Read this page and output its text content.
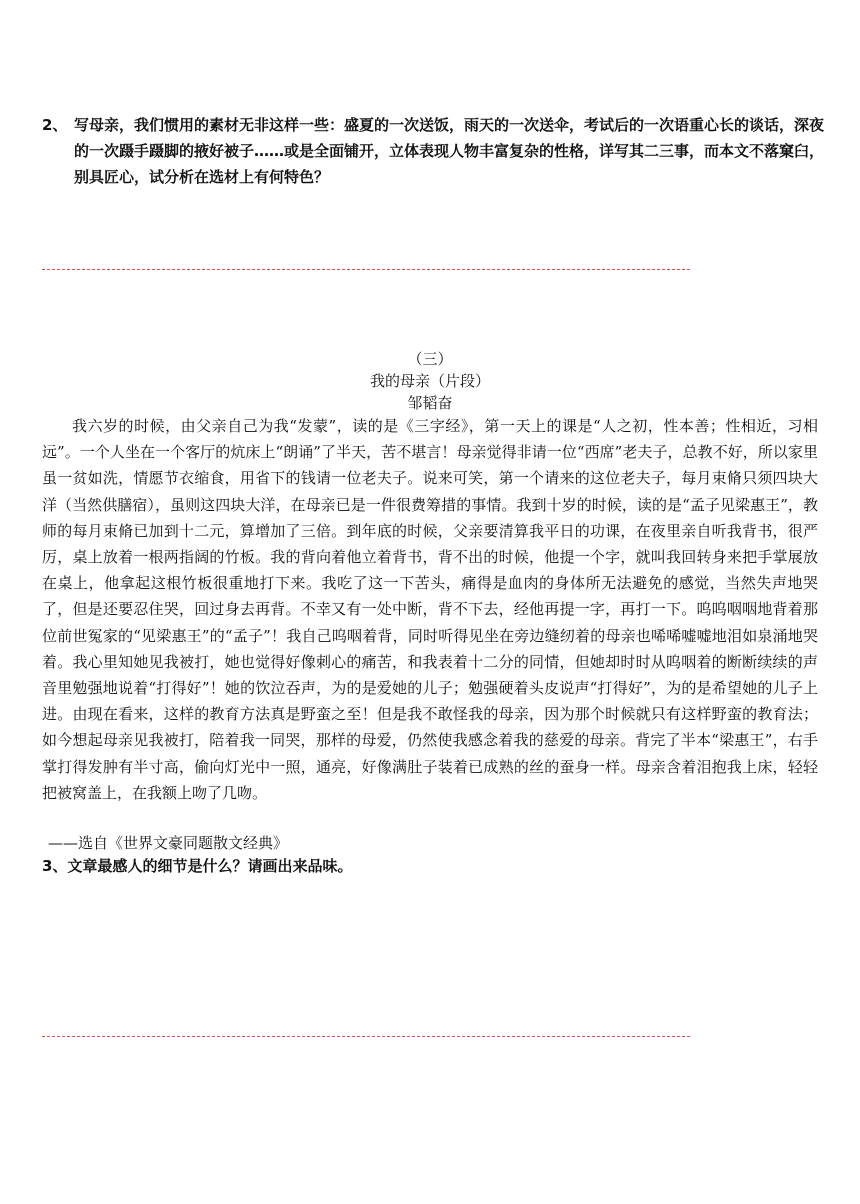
2、 写母亲，我们惯用的素材无非这样一些：盛夏的一次送饭，雨天的一次送伞，考试后的一次语重心长的谈话，深夜的一次蹑手蹑脚的掖好被子……或是全面铺开，立体表现人物丰富复杂的性格，详写其二三事，而本文不落窠臼，别具匠心，试分析在选材上有何特色？
（三）
我的母亲（片段）
邹韬奋
我六岁的时候，由父亲自己为我“发蒙”，读的是《三字经》，第一天上的课是“人之初，性本善；性相近，习相远”。一个人坐在一个客厅的炕床上“朗诵”了半天，苦不堪言！母亲觉得非请一位“西席”老夫子，总教不好，所以家里虽一贫如洗，情愿节衣缩食，用省下的钱请一位老夫子。说来可笑，第一个请来的这位老夫子，每月束脩只须四块大洋（当然供膳宿），虽则这四块大洋，在母亲已是一件很费筹措的事情。我到十岁的时候，读的是“孟子见梁惠王”，教师的每月束脩已加到十二元，算增加了三倍。到年底的时候，父亲要清算我平日的功课，在夜里亲自听我背书，很严厉，桌上放着一根两指阔的竹板。我的背向着他立着背书，背不出的时候，他提一个字，就叫我回转身来把手掌展放在桌上，他拿起这根竹板很重地打下来。我吃了这一下苦头，痛得是血肉的身体所无法避免的感觉，当然失声地哭了，但是还要忍住哭，回过身去再背。不幸又有一处中断，背不下去，经他再提一字，再打一下。呜呜咽咽地背着那位前世冤家的“见梁惠王”的“孟子”！我自己呜咽着背，同时听得见坐在旁边缝纫着的母亲也唏唏嘘嘘地泪如泉涌地哭着。我心里知她见我被打，她也觉得好像刺心的痛苦，和我表着十二分的同情，但她却时时从呜咽着的断断续续的声音里勉强地说着“打得好”！她的饮泣吞声，为的是爱她的儿子；勉强硬着头皮说声“打得好”，为的是希望她的儿子上进。由现在看来，这样的教育方法真是野蛮之至！但是我不敢怪我的母亲，因为那个时候就只有这样野蛮的教育法；如今想起母亲见我被打，陪着我一同哭，那样的母爱，仍然使我感念着我的慈爱的母亲。背完了半本“梁惠王”，右手掌打得发肿有半寸高，偷向灯光中一照，通亮，好像满肚子装着已成熟的丝的蚕身一样。母亲含着泪抱我上床，轻轻把被窝盖上，在我额上吻了几吻。
——选自《世界文豪同题散文经典》
3、文章最感人的细节是什么？请画出来品味。
